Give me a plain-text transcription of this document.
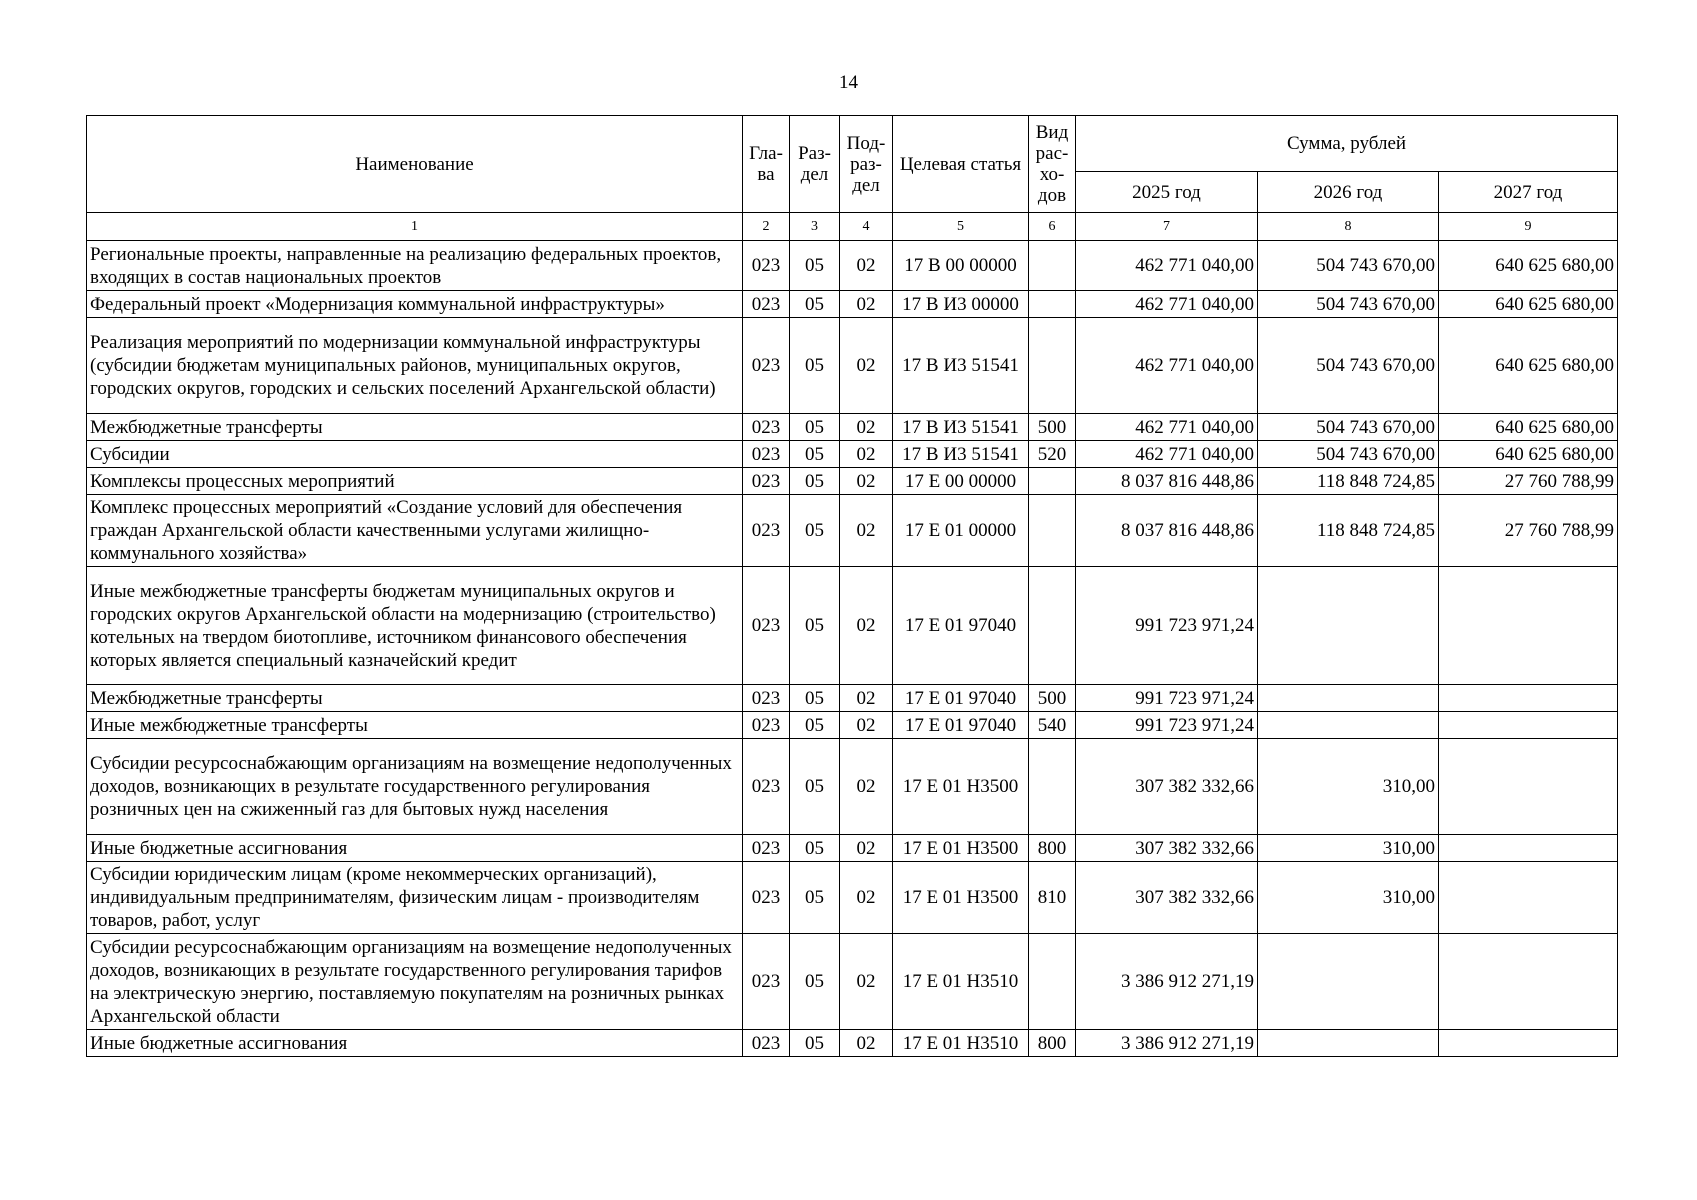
14
Наименование	Гла-ва	Раз-дел	Под-раз-дел	Целевая статья	Вид рас-хо-дов	Сумма, рублей		
						2025 год	2026 год	2027 год
1	2	3	4	5	6	7	8	9
Региональные проекты, направленные на реализацию федеральных проектов, входящих в состав национальных проектов	023	05	02	17 В 00 00000		462 771 040,00	504 743 670,00	640 625 680,00
Федеральный проект «Модернизация коммунальной инфраструктуры»	023	05	02	17 В И3 00000		462 771 040,00	504 743 670,00	640 625 680,00
Реализация мероприятий по модернизации коммунальной инфраструктуры (субсидии бюджетам муниципальных районов, муниципальных округов, городских округов, городских и сельских поселений Архангельской области)	023	05	02	17 В И3 51541		462 771 040,00	504 743 670,00	640 625 680,00
Межбюджетные трансферты	023	05	02	17 В И3 51541	500	462 771 040,00	504 743 670,00	640 625 680,00
Субсидии	023	05	02	17 В И3 51541	520	462 771 040,00	504 743 670,00	640 625 680,00
Комплексы процессных мероприятий	023	05	02	17 Е 00 00000		8 037 816 448,86	118 848 724,85	27 760 788,99
Комплекс процессных мероприятий «Создание условий для обеспечения граждан Архангельской области качественными услугами жилищно-коммунального хозяйства»	023	05	02	17 Е 01 00000		8 037 816 448,86	118 848 724,85	27 760 788,99
Иные межбюджетные трансферты бюджетам муниципальных округов и городских округов Архангельской области на модернизацию (строительство) котельных на твердом биотопливе, источником финансового обеспечения которых является специальный казначейский кредит	023	05	02	17 Е 01 97040		991 723 971,24		
Межбюджетные трансферты	023	05	02	17 Е 01 97040	500	991 723 971,24		
Иные межбюджетные трансферты	023	05	02	17 Е 01 97040	540	991 723 971,24		
Субсидии ресурсоснабжающим организациям на возмещение недополученных доходов, возникающих в результате государственного регулирования розничных цен на сжиженный газ для бытовых нужд населения	023	05	02	17 Е 01 Н3500		307 382 332,66	310,00	
Иные бюджетные ассигнования	023	05	02	17 Е 01 Н3500	800	307 382 332,66	310,00	
Субсидии юридическим лицам (кроме некоммерческих организаций), индивидуальным предпринимателям, физическим лицам - производителям товаров, работ, услуг	023	05	02	17 Е 01 Н3500	810	307 382 332,66	310,00	
Субсидии ресурсоснабжающим организациям на возмещение недополученных доходов, возникающих в результате государственного регулирования тарифов на электрическую энергию, поставляемую покупателям на розничных рынках Архангельской области	023	05	02	17 Е 01 Н3510		3 386 912 271,19		
Иные бюджетные ассигнования	023	05	02	17 Е 01 Н3510	800	3 386 912 271,19		
